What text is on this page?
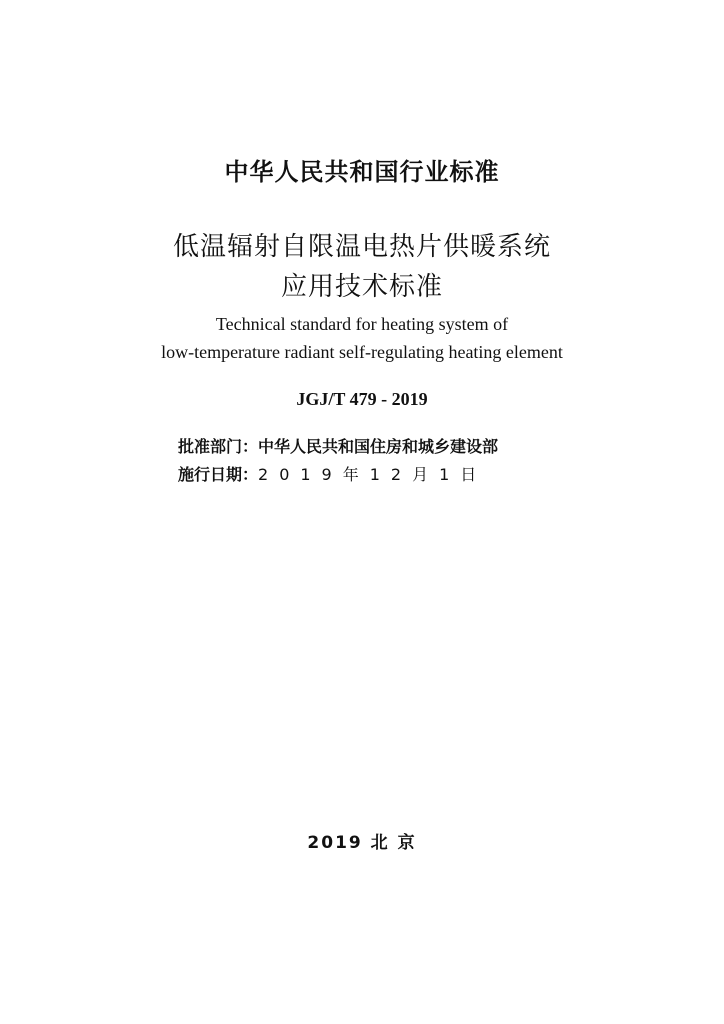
中华人民共和国行业标准
低温辐射自限温电热片供暖系统
应用技术标准
Technical standard for heating system of
low-temperature radiant self-regulating heating element
JGJ/T 479 - 2019
批准部门：中华人民共和国住房和城乡建设部
施行日期：2019年12月1日
2019 北 京
